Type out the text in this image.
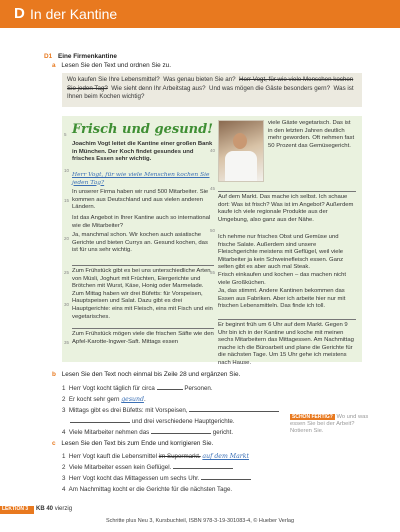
D In der Kantine
D1 Eine Firmenkantine
a Lesen Sie den Text und ordnen Sie zu.
Wo kaufen Sie Ihre Lebensmittel? Was genau bieten Sie an? Herr Vogt, für wie viele Menschen kochen Sie jeden Tag? Wie sieht denn Ihr Arbeitstag aus? Und was mögen die Gäste besonders gern? Was ist Ihnen beim Kochen wichtig?
Frisch und gesund!
Joachim Vogt leitet die Kantine einer großen Bank in München. Der Koch findet gesundes und frisches Essen sehr wichtig.
Herr Vogt, für wie viele Menschen kochen Sie jeden Tag?
In unserer Firma haben wir rund 500 Mitarbeiter. Sie kommen aus Deutschland und aus vielen anderen Ländern.
Ist das Angebot in Ihrer Kantine auch so international wie die Mitarbeiter?
Ja, manchmal schon. Wir kochen auch asiatische Gerichte und bieten Currys an. Gesund kochen, das ist für uns sehr wichtig.
Zum Frühstück gibt es bei uns unterschiedliche Arten von Müsli, Joghurt mit Früchten, Eiergerichte und Brötchen mit Wurst, Käse, Honig oder Marmelade. Zum Mittag haben wir drei Büfetts: für Vorspeisen, Hauptspeisen und Salat. Dazu gibt es drei Hauptgerichte: eins mit Fleisch, eins mit Fisch und ein vegetarisches.
Zum Frühstück mögen viele die frischen Säfte wie den Apfel-Karotte-Ingwer-Saft. Mittags essen
viele Gäste vegetarisch. Das ist in den letzten Jahren deutlich mehr geworden. Oft nehmen fast 50 Prozent das Gemüsegericht.
Auf dem Markt. Das mache ich selbst. Ich schaue dort: Was ist frisch? Was ist im Angebot? Außerdem kaufe ich viele regionale Produkte aus der Umgebung, also ganz aus der Nähe.
Ich nehme nur frisches Obst und Gemüse und frische Salate. Außerdem sind unsere Fleischgerichte meistens mit Geflügel, weil viele Mitarbeiter ja kein Schweinefleisch essen. Ganz selten gibt es aber auch mal Steak.
Frisch einkaufen und kochen – das machen nicht viele Großküchen.
Ja, das stimmt. Andere Kantinen bekommen das Essen aus Fabriken. Aber ich arbeite hier nur mit frischen Lebensmitteln. Das finde ich toll.
Er beginnt früh um 6 Uhr auf dem Markt. Gegen 9 Uhr bin ich in der Kantine und koche mit meinen sechs Mitarbeitern das Mittagessen. Am Nachmittag mache ich die Büroarbeit und plane die Gerichte für die nächsten Tage. Um 15 Uhr gehe ich meistens nach Hause.
5
10
15
20
25
30
35
40
45
50
55
b Lesen Sie den Text noch einmal bis Zeile 28 und ergänzen Sie.
1 Herr Vogt kocht täglich für circa	Personen.
2 Er kocht sehr gern gesund.
3 Mittags gibt es drei Büfetts: mit Vorspeisen,
und drei verschiedene Hauptgerichte.
4 Viele Mitarbeiter nehmen das	gericht.
c Lesen Sie den Text bis zum Ende und korrigieren Sie.
1 Herr Vogt kauft die Lebensmittel im Supermarkt. auf dem Markt
2 Viele Mitarbeiter essen kein Geflügel.
3 Herr Vogt kocht das Mittagessen um sechs Uhr.
4 Am Nachmittag kocht er die Gerichte für die nächsten Tage.
SCHON FERTIG? Wo und was essen Sie bei der Arbeit? Notieren Sie.
LEKTION 3 KB 40 vierzig
Schritte plus Neu 3, Kursbuchteil, ISBN 978-3-19-301083-4, © Hueber Verlag
